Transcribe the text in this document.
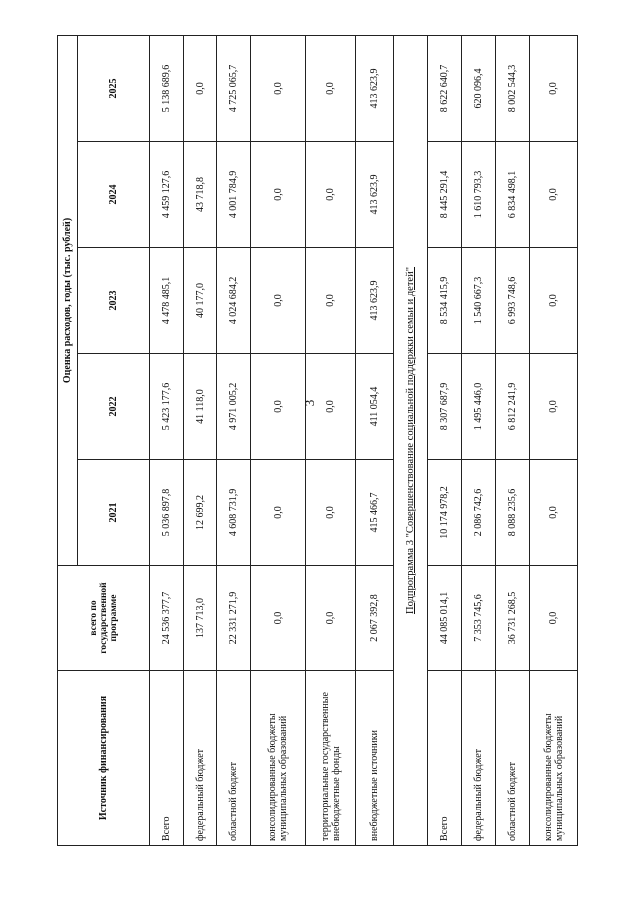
3
Источник финансирования	всего по государственной программе	Оценка расходов, годы (тыс. рублей)				
		2021	2022	2023	2024	2025
Всего	24 536 377,7	5 036 897,8	5 423 177,6	4 478 485,1	4 459 127,6	5 138 689,6
федеральный бюджет	137 713,0	12 699,2	41 118,0	40 177,0	43 718,8	0,0
областной бюджет	22 331 271,9	4 608 731,9	4 971 005,2	4 024 684,2	4 001 784,9	4 725 065,7
консолидированные бюджеты муниципальных образований	0,0	0,0	0,0	0,0	0,0	0,0
территориальные государственные внебюджетные фонды	0,0	0,0	0,0	0,0	0,0	0,0
внебюджетные источники	2 067 392,8	415 466,7	411 054,4	413 623,9	413 623,9	413 623,9
Подпрограмма 3 "Совершенствование социальной поддержки семьи и детей"						
Всего	44 085 014,1	10 174 978,2	8 307 687,9	8 534 415,9	8 445 291,4	8 622 640,7
федеральный бюджет	7 353 745,6	2 086 742,6	1 495 446,0	1 540 667,3	1 610 793,3	620 096,4
областной бюджет	36 731 268,5	8 088 235,6	6 812 241,9	6 993 748,6	6 834 498,1	8 002 544,3
консолидированные бюджеты муниципальных образований	0,0	0,0	0,0	0,0	0,0	0,0
